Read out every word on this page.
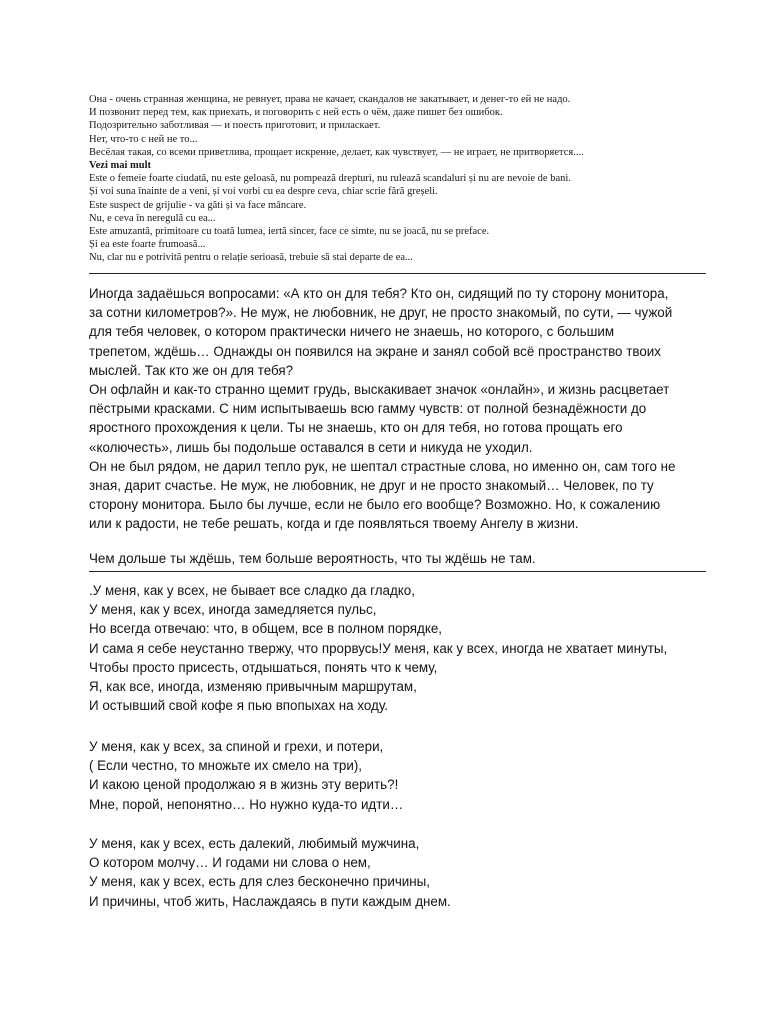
Она - очень странная женщина, не ревнует, права не качает, скандалов не закатывает, и денег-то ей не надо.
И позвонит перед тем, как приехать, и поговорить с ней есть о чём, даже пишет без ошибок.
Подозрительно заботливая — и поесть приготовит, и приласкает.
Нет, что-то с ней не то...
Весёлая такая, со всеми приветлива, прощает искренне, делает, как чувствует, — не играет, не притворяется....
Vezi mai mult
Este o femeie foarte ciudată, nu este geloasă, nu pompează drepturi, nu rulează scandaluri și nu are nevoie de bani.
Și voi suna înainte de a veni, și voi vorbi cu ea despre ceva, chiar scrie fără greșeli.
Este suspect de grijulie - va găti și va face mâncare.
Nu, e ceva în neregulă cu ea...
Este amuzantă, primitoare cu toată lumea, iertă sincer, face ce simte, nu se joacă, nu se preface.
Și ea este foarte frumoasă...
Nu, clar nu e potrivită pentru o relație serioasă, trebuie să stai departe de ea...
Иногда задаёшься вопросами: «А кто он для тебя? Кто он, сидящий по ту сторону монитора,
за сотни километров?». Не муж, не любовник, не друг, не просто знакомый, по сути, — чужой
для тебя человек, о котором практически ничего не знаешь, но которого, с большим
трепетом, ждёшь… Однажды он появился на экране и занял собой всё пространство твоих
мыслей. Так кто же он для тебя?
Он офлайн и как-то странно щемит грудь, выскакивает значок «онлайн», и жизнь расцветает
пёстрыми красками. С ним испытываешь всю гамму чувств: от полной безнадёжности до
яростного прохождения к цели. Ты не знаешь, кто он для тебя, но готова прощать его
«колючесть», лишь бы подольше оставался в сети и никуда не уходил.
Он не был рядом, не дарил тепло рук, не шептал страстные слова, но именно он, сам того не
зная, дарит счастье. Не муж, не любовник, не друг и не просто знакомый… Человек, по ту
сторону монитора. Было бы лучше, если не было его вообще? Возможно. Но, к сожалению
или к радости, не тебе решать, когда и где появляться твоему Ангелу в жизни.
Чем дольше ты ждёшь, тем больше вероятность, что ты ждёшь не там.
.У меня, как у всех, не бывает все сладко да гладко,
У меня, как у всех, иногда замедляется пульс,
Но всегда отвечаю: что, в общем, все в полном порядке,
И сама я себе неустанно твержу, что прорвусь!У меня, как у всех, иногда не хватает минуты,
Чтобы просто присесть, отдышаться, понять что к чему,
Я, как все, иногда, изменяю привычным маршрутам,
И остывший свой кофе я пью впопыхах на ходу.
У меня, как у всех, за спиной и грехи, и потери,
( Если честно, то множьте их смело на три),
И какою ценой продолжаю я в жизнь эту верить?!
Мне, порой, непонятно… Но нужно куда-то идти…
У меня, как у всех, есть далекий, любимый мужчина,
О котором молчу… И годами ни слова о нем,
У меня, как у всех, есть для слез бесконечно причины,
И причины, чтоб жить, Наслаждаясь в пути каждым днем.
